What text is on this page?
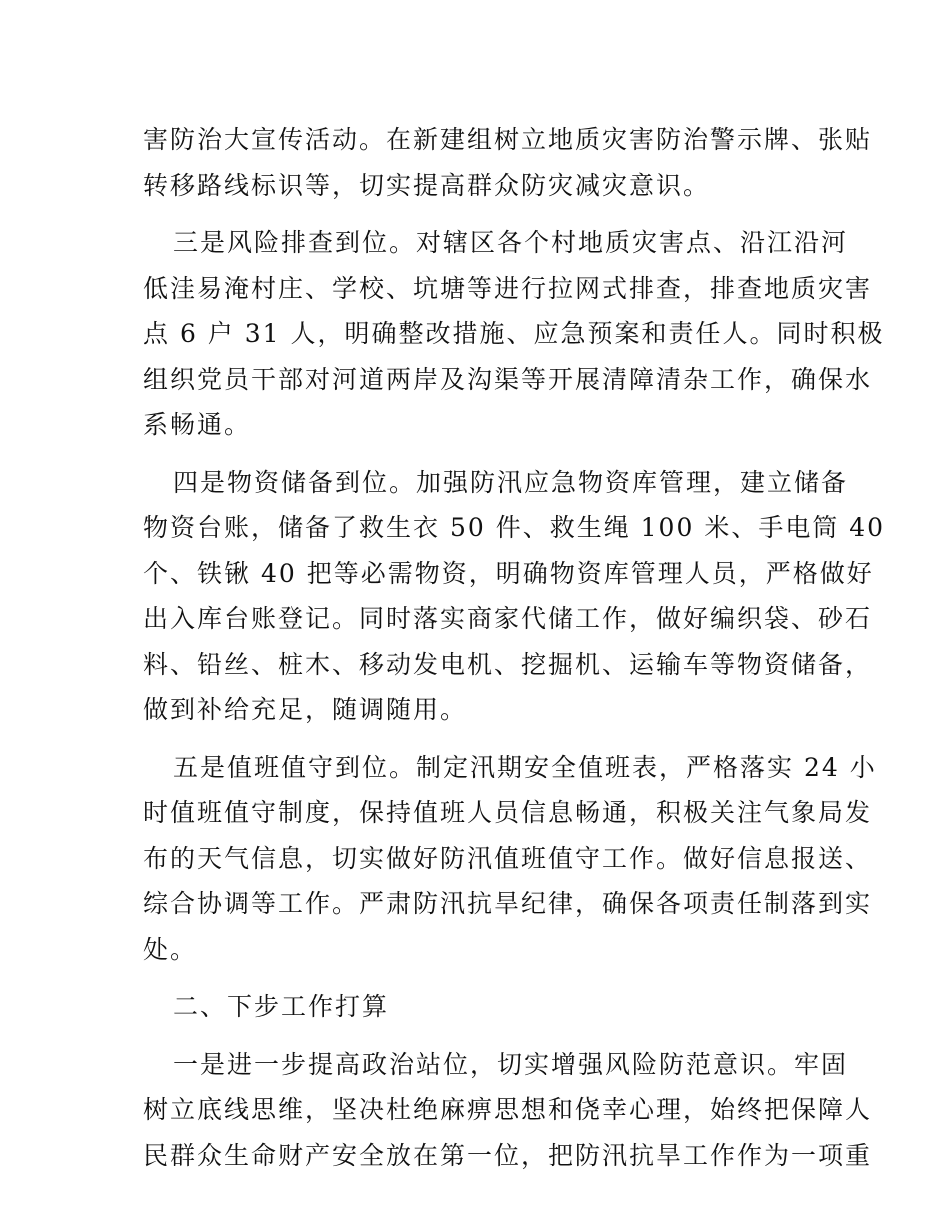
害防治大宣传活动。在新建组树立地质灾害防治警示牌、张贴
转移路线标识等，切实提高群众防灾减灾意识。
三是风险排查到位。对辖区各个村地质灾害点、沿江沿河
低洼易淹村庄、学校、坑塘等进行拉网式排查，排查地质灾害
点 6 户 31 人，明确整改措施、应急预案和责任人。同时积极
组织党员干部对河道两岸及沟渠等开展清障清杂工作，确保水
系畅通。
四是物资储备到位。加强防汛应急物资库管理，建立储备
物资台账，储备了救生衣 50 件、救生绳 100 米、手电筒 40
个、铁锹 40 把等必需物资，明确物资库管理人员，严格做好
出入库台账登记。同时落实商家代储工作，做好编织袋、砂石
料、铅丝、桩木、移动发电机、挖掘机、运输车等物资储备，
做到补给充足，随调随用。
五是值班值守到位。制定汛期安全值班表，严格落实 24 小
时值班值守制度，保持值班人员信息畅通，积极关注气象局发
布的天气信息，切实做好防汛值班值守工作。做好信息报送、
综合协调等工作。严肃防汛抗旱纪律，确保各项责任制落到实
处。
二、下步工作打算
一是进一步提高政治站位，切实增强风险防范意识。牢固
树立底线思维，坚决杜绝麻痹思想和侥幸心理，始终把保障人
民群众生命财产安全放在第一位，把防汛抗旱工作作为一项重
